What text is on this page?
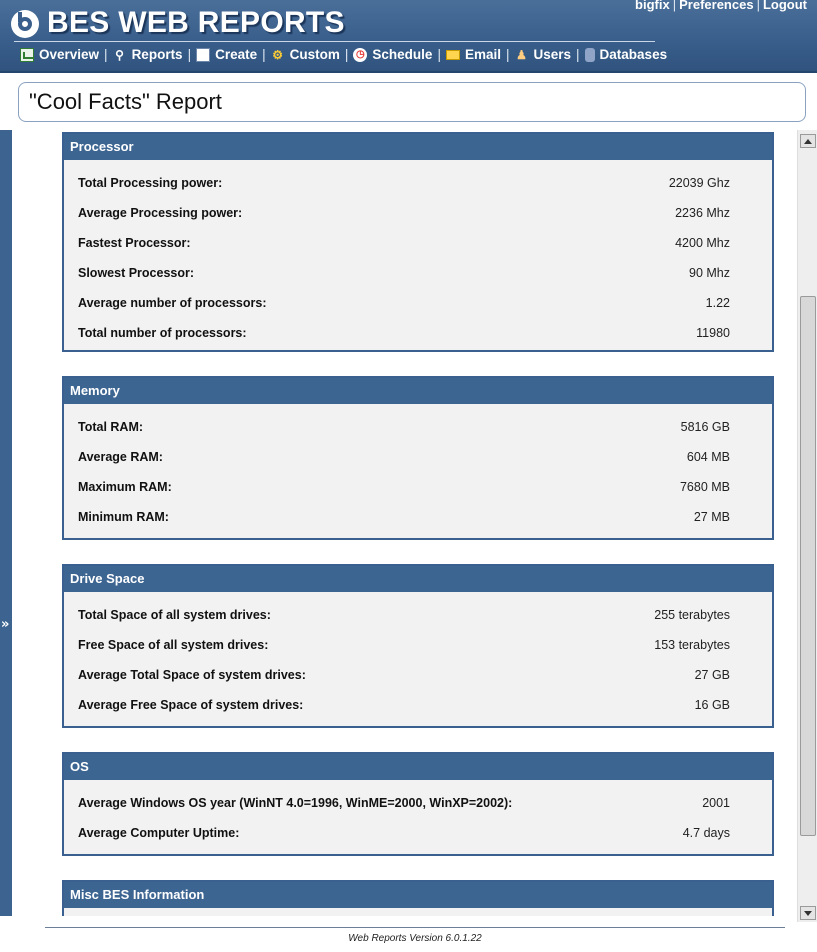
BES WEB REPORTS
bigfix | Preferences | Logout
Overview | ⚲ Reports |	Create | ⚙ Custom | ◷ Schedule |	Email | ♟ Users |	Databases
"Cool Facts" Report
»
Processor
Total Processing power:	22039 Ghz
Average Processing power:	2236 Mhz
Fastest Processor:	4200 Mhz
Slowest Processor:	90 Mhz
Average number of processors:	1.22
Total number of processors:	11980
Memory
Total RAM:	5816 GB
Average RAM:	604 MB
Maximum RAM:	7680 MB
Minimum RAM:	27 MB
Drive Space
Total Space of all system drives:	255 terabytes
Free Space of all system drives:	153 terabytes
Average Total Space of system drives:	27 GB
Average Free Space of system drives:	16 GB
OS
Average Windows OS year (WinNT 4.0=1996, WinME=2000, WinXP=2002):	2001
Average Computer Uptime:	4.7 days
Misc BES Information
Web Reports Version 6.0.1.22
